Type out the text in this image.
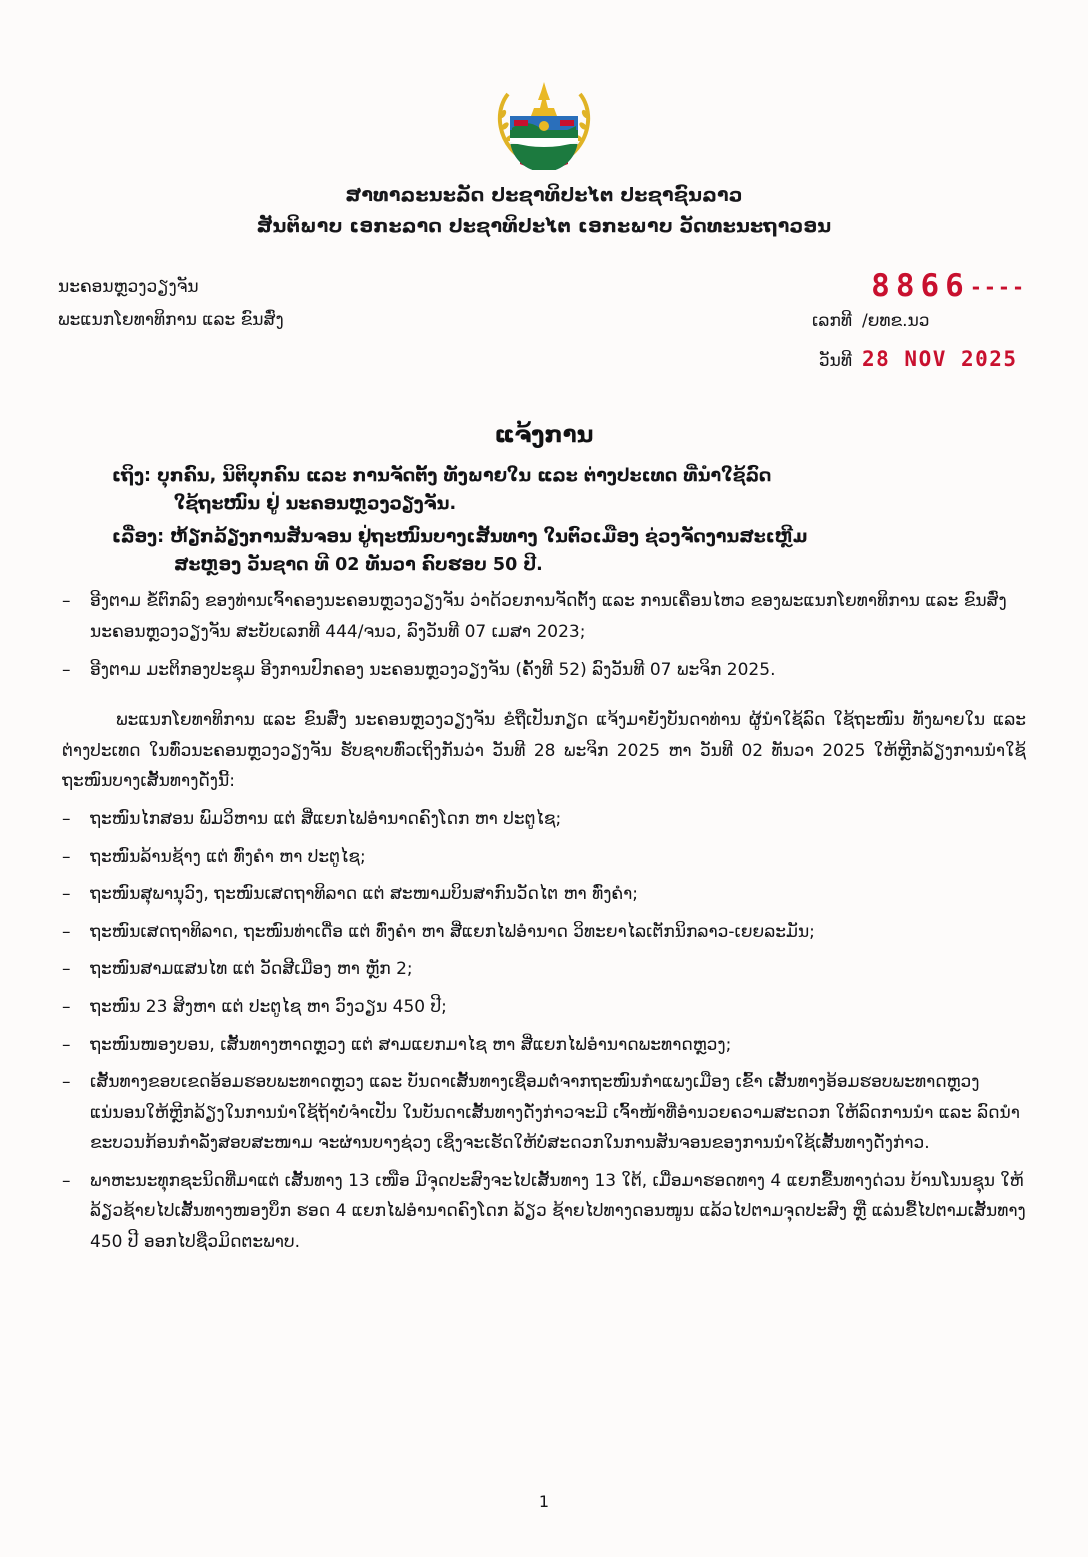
ສາທາລະນະລັດ ປະຊາທິປະໄຕ ປະຊາຊົນລາວ
ສັນຕິພາບ ເອກະລາດ ປະຊາທິປະໄຕ ເອກະພາບ ວັດທະນະຖາວອນ
ນະຄອນຫຼວງວຽງຈັນ
ພະແນກໂຍທາທິການ ແລະ ຂົນສົ່ງ
8866----
ເລກທີ /ຍທຂ.ນວ
ວັນທີ 28 NOV 2025
ແຈ້ງການ

ເຖິງ: ບຸກຄົນ, ນິຕິບຸກຄົນ ແລະ ການຈັດຕັ້ງ ທັງພາຍໃນ ແລະ ຕ່າງປະເທດ ທີ່ນຳໃຊ້ລົດ
ໃຊ້ຖະໜົນ ຢູ່ ນະຄອນຫຼວງວຽງຈັນ.

ເລື່ອງ: ຫ້ຽກລ້ຽງການສັນຈອນ ຢູ່ຖະໜົນບາງເສັ້ນທາງ ໃນຕົວເມືອງ ຊ່ວງຈັດງານສະເຫຼີມ
ສະຫຼອງ ວັນຊາດ ທີ 02 ທັນວາ ຄົບຮອບ 50 ປີ.

–	ອີງຕາມ ຂໍ້ຕົກລົງ ຂອງທ່ານເຈົ້າຄອງນະຄອນຫຼວງວຽງຈັນ ວ່າດ້ວຍການຈັດຕັ້ງ ແລະ ການເຄື່ອນໄຫວ ຂອງພະແນກໂຍທາທິການ ແລະ ຂົນສົ່ງ ນະຄອນຫຼວງວຽງຈັນ ສະບັບເລກທີ 444/ຈນວ, ລົງວັນທີ 07 ເມສາ 2023;
–	ອີງຕາມ ມະຕິກອງປະຊຸມ ອີງການປົກຄອງ ນະຄອນຫຼວງວຽງຈັນ (ຄັ້ງທີ 52) ລົງວັນທີ 07 ພະຈິກ 2025.
ພະແນກໂຍທາທິການ ແລະ ຂົນສົ່ງ ນະຄອນຫຼວງວຽງຈັນ ຂໍຖືເປັນກຽດ ແຈ້ງມາຍັງບັນດາທ່ານ ຜູ້ນຳໃຊ້ລົດ ໃຊ້ຖະໜົນ ທັງພາຍໃນ ແລະ ຕ່າງປະເທດ ໃນທົ່ວນະຄອນຫຼວງວຽງຈັນ ຮັບຊາບທົ່ວເຖິງກັນວ່າ ວັນທີ 28 ພະຈິກ 2025 ຫາ ວັນທີ 02 ທັນວາ 2025 ໃຫ້ຫຼີກລ້ຽງການນຳໃຊ້ຖະໜົນບາງເສັ້ນທາງດັ່ງນີ້:
–	ຖະໜົນໄກສອນ ພົມວິຫານ ແຕ່ ສີ່ແຍກໄຟອໍານາດຄົງໂດກ ຫາ ປະຕູໄຊ;
–	ຖະໜົນລ້ານຊ້າງ ແຕ່ ທົ່ງຄຳ ຫາ ປະຕູໄຊ;
–	ຖະໜົນສຸພານຸວົງ, ຖະໜົນເສດຖາທິລາດ ແຕ່ ສະໜາມບິນສາກົນວັດໄຕ ຫາ ທົ່ງຄຳ;
–	ຖະໜົນເສດຖາທິລາດ, ຖະໜົນທ່າເດື່ອ ແຕ່ ທົ່ງຄຳ ຫາ ສີ່ແຍກໄຟອໍານາດ ວິທະຍາໄລເຕັກນິກລາວ-ເຍຍລະມັນ;
–	ຖະໜົນສາມແສນໄທ ແຕ່ ວັດສີເມືອງ ຫາ ຫຼັກ 2;
–	ຖະໜົນ 23 ສິງຫາ ແຕ່ ປະຕູໄຊ ຫາ ວົງວຽນ 450 ປີ;
–	ຖະໜົນໜອງບອນ, ເສັ້ນທາງຫາດຫຼວງ ແຕ່ ສາມແຍກມາໄຊ ຫາ ສີ່ແຍກໄຟອໍານາດພະທາດຫຼວງ;
–	ເສັ້ນທາງຂອບເຂດອ້ອມຮອບພະທາດຫຼວງ ແລະ ບັນດາເສັ້ນທາງເຊື່ອມຕໍ່ຈາກຖະໜົນກຳແພງເມືອງ ເຂົ້າ ເສັ້ນທາງອ້ອມຮອບພະທາດຫຼວງ ແນ່ນອນໃຫ້ຫຼີກລ້ຽງໃນການນຳໃຊ້ຖ້າບໍ່ຈຳເປັນ ໃນບັນດາເສັ້ນທາງດັ່ງກ່າວຈະມີ ເຈົ້າໜ້າທີ່ອຳນວຍຄວາມສະດວກ ໃຫ້ລົດການນຳ ແລະ ລົດນຳຂະບວນກ້ອນກຳລັງສອບສະໜາມ ຈະຜ່ານບາງຊ່ວງ ເຊິ່ງຈະເຮັດໃຫ້ບໍ່ສະດວກໃນການສັນຈອນຂອງການນຳໃຊ້ເສັ້ນທາງດັ່ງກ່າວ.
–	ພາຫະນະທຸກຊະນິດທີ່ມາແຕ່ ເສັ້ນທາງ 13 ເໜືອ ມີຈຸດປະສົງຈະໄປເສັ້ນທາງ 13 ໃຕ້, ເມື່ອມາຮອດທາງ 4 ແຍກຂື້ນທາງດ່ວນ ບ້ານໂນນຊຸນ ໃຫ້ລ້ຽວຊ້າຍໄປເສັ້ນທາງໜອງບຶກ ຮອດ 4 ແຍກໄຟອໍານາດຄົງໂດກ ລ້ຽວ ຊ້າຍໄປທາງດອນໜູນ ແລ້ວໄປຕາມຈຸດປະສົງ ຫຼື ແລ່ນຂື້ໄປຕາມເສັ້ນທາງ 450 ປີ ອອກໄປຊືວມິດຕະພາບ.
1
